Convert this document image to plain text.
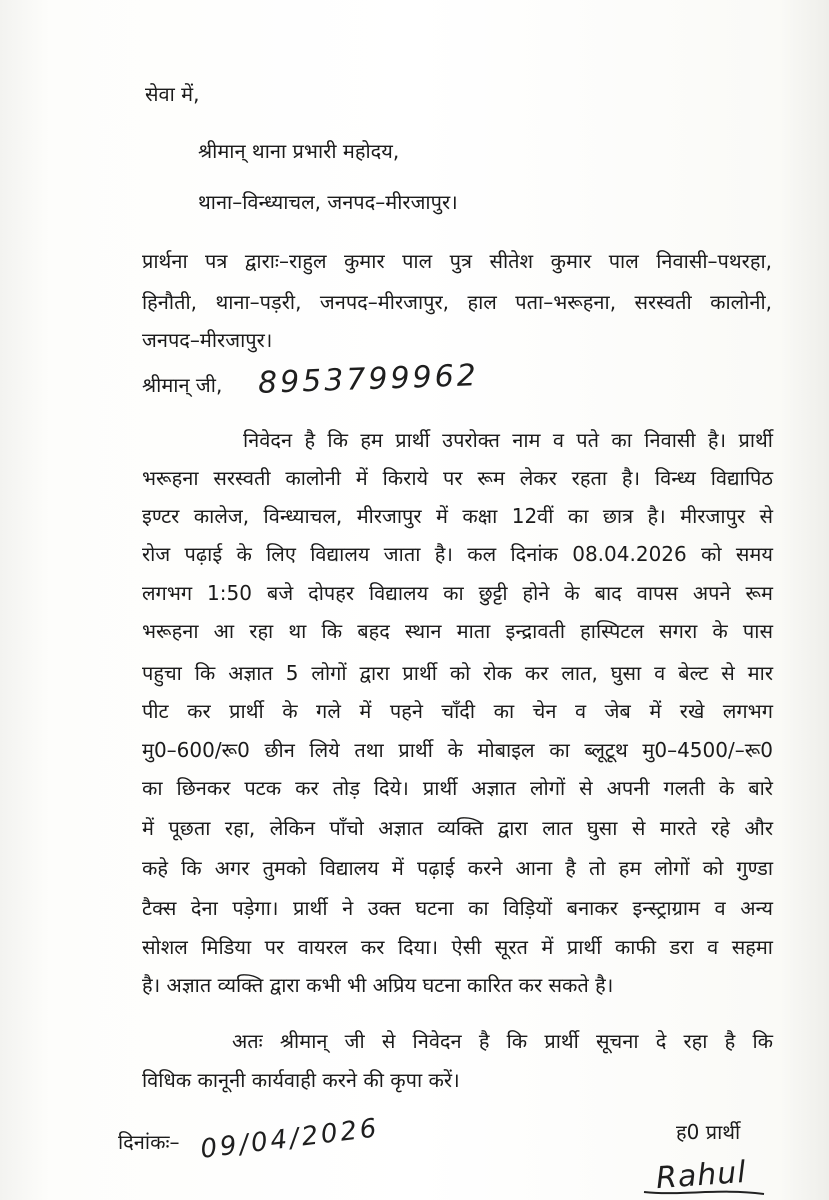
सेवा में,
श्रीमान् थाना प्रभारी महोदय,
थाना–विन्ध्याचल, जनपद–मीरजापुर।
प्रार्थना पत्र द्वाराः–राहुल कुमार पाल पुत्र सीतेश कुमार पाल निवासी–पथरहा,
हिनौती, थाना–पड़री, जनपद–मीरजापुर, हाल पता–भरूहना, सरस्वती कालोनी,
जनपद–मीरजापुर।
श्रीमान् जी, 8953799962
निवेदन है कि हम प्रार्थी उपरोक्त नाम व पते का निवासी है। प्रार्थी
भरूहना सरस्वती कालोनी में किराये पर रूम लेकर रहता है। विन्ध्य विद्यापिठ
इण्टर कालेज, विन्ध्याचल, मीरजापुर में कक्षा 12वीं का छात्र है। मीरजापुर से
रोज पढ़ाई के लिए विद्यालय जाता है। कल दिनांक 08.04.2026 को समय
लगभग 1:50 बजे दोपहर विद्यालय का छुट्टी होने के बाद वापस अपने रूम
भरूहना आ रहा था कि बहद स्थान माता इन्द्रावती हास्पिटल सगरा के पास
पहुचा कि अज्ञात 5 लोगों द्वारा प्रार्थी को रोक कर लात, घुसा व बेल्ट से मार
पीट कर प्रार्थी के गले में पहने चाँदी का चेन व जेब में रखे लगभग
मु0–600/रू0 छीन लिये तथा प्रार्थी के मोबाइल का ब्लूटूथ मु0–4500/–रू0
का छिनकर पटक कर तोड़ दिये। प्रार्थी अज्ञात लोगों से अपनी गलती के बारे
में पूछता रहा, लेकिन पाँचो अज्ञात व्यक्ति द्वारा लात घुसा से मारते रहे और
कहे कि अगर तुमको विद्यालय में पढ़ाई करने आना है तो हम लोगों को गुण्डा
टैक्स देना पड़ेगा। प्रार्थी ने उक्त घटना का विड़ियों बनाकर इन्स्ट्राग्राम व अन्य
सोशल मिडिया पर वायरल कर दिया। ऐसी सूरत में प्रार्थी काफी डरा व सहमा
है। अज्ञात व्यक्ति द्वारा कभी भी अप्रिय घटना कारित कर सकते है।
अतः श्रीमान् जी से निवेदन है कि प्रार्थी सूचना दे रहा है कि
विधिक कानूनी कार्यवाही करने की कृपा करें।
ह0 प्रार्थी
दिनांकः– 09/04/2026
Rahul
